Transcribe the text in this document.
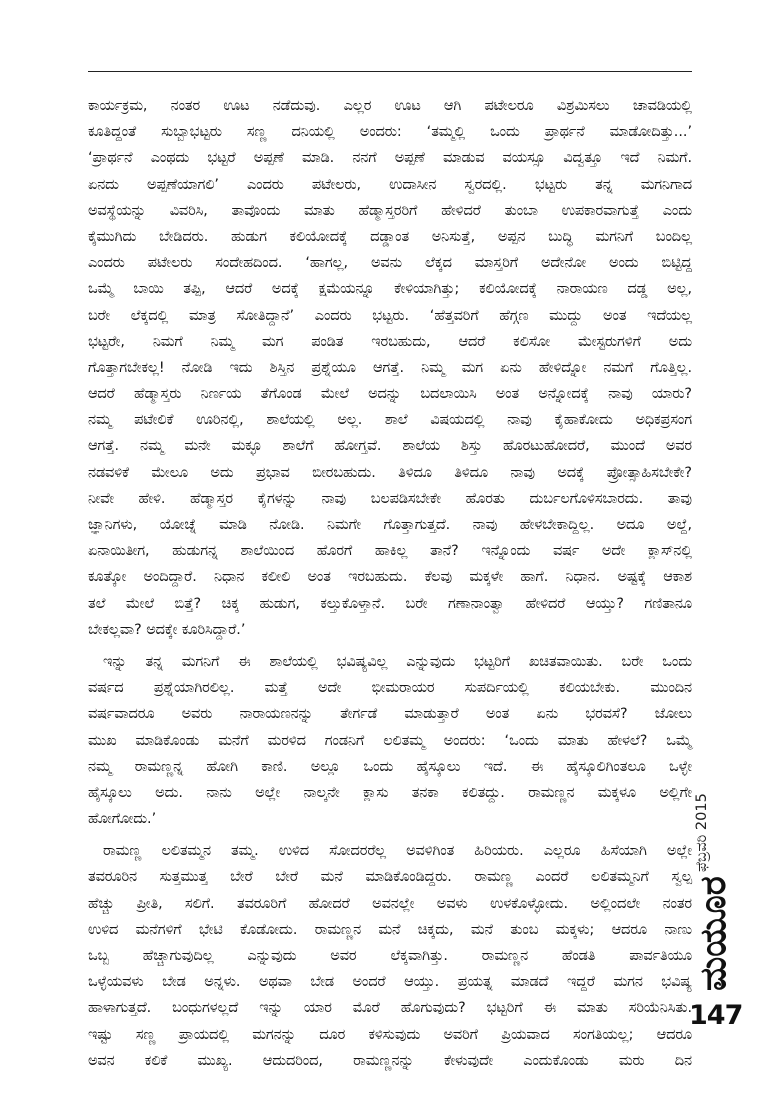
ಕಾರ್ಯಕ್ರಮ, ನಂತರ ಊಟ ನಡೆದುವು. ಎಲ್ಲರ ಊಟ ಆಗಿ ಪಟೇಲರೂ ವಿಶ್ರಮಿಸಲು ಚಾವಡಿಯಲ್ಲಿ
ಕೂತಿದ್ದಂತೆ ಸುಬ್ಬಾಭಟ್ಟರು ಸಣ್ಣ ದನಿಯಲ್ಲಿ ಅಂದರು: ‘ತಮ್ಮಲ್ಲಿ ಒಂದು ಪ್ರಾರ್ಥನೆ ಮಾಡೋದಿತ್ತು...’
‘ಪ್ರಾರ್ಥನೆ ಎಂಥದು ಭಟ್ಟರೆ ಅಪ್ಪಣೆ ಮಾಡಿ. ನನಗೆ ಅಪ್ಪಣೆ ಮಾಡುವ ವಯಸ್ಸೂ ವಿದ್ವತ್ತೂ ಇದೆ ನಿಮಗೆ.
ಏನದು ಅಪ್ಪಣೆಯಾಗಲಿ’ ಎಂದರು ಪಟೇಲರು, ಉದಾಸೀನ ಸ್ವರದಲ್ಲಿ. ಭಟ್ಟರು ತನ್ನ ಮಗನಿಗಾದ
ಅವಸ್ಥೆಯನ್ನು ವಿವರಿಸಿ, ತಾವೊಂದು ಮಾತು ಹೆಡ್ಮಾಸ್ತರರಿಗೆ ಹೇಳಿದರೆ ತುಂಬಾ ಉಪಕಾರವಾಗುತ್ತೆ ಎಂದು
ಕೈಮುಗಿದು ಬೇಡಿದರು. ಹುಡುಗ ಕಲಿಯೋದಕ್ಕೆ ದಡ್ಡಾಂತ ಅನಿಸುತ್ತೆ, ಅಪ್ಪನ ಬುದ್ಧಿ ಮಗನಿಗೆ ಬಂದಿಲ್ಲ
ಎಂದರು ಪಟೇಲರು ಸಂದೇಹದಿಂದ. ‘ಹಾಗಲ್ಲ, ಅವನು ಲೆಕ್ಕದ ಮಾಸ್ತರಿಗೆ ಅದೇನೋ ಅಂದು ಬಿಟ್ಟಿದ್ದ
ಒಮ್ಮೆ ಬಾಯಿ ತಪ್ಪಿ, ಆದರೆ ಅದಕ್ಕೆ ಕ್ಷಮೆಯನ್ನೂ ಕೇಳಿಯಾಗಿತ್ತು; ಕಲಿಯೋದಕ್ಕೆ ನಾರಾಯಣ ದಡ್ಡ ಅಲ್ಲ,
ಬರೇ ಲೆಕ್ಕದಲ್ಲಿ ಮಾತ್ರ ಸೋತಿದ್ದಾನೆ’ ಎಂದರು ಭಟ್ಟರು. ‘ಹೆತ್ತವರಿಗೆ ಹೆಗ್ಗಣ ಮುದ್ದು ಅಂತ ಇದೆಯಲ್ಲ
ಭಟ್ಟರೇ, ನಿಮಗೆ ನಿಮ್ಮ ಮಗ ಪಂಡಿತ ಇರಬಹುದು, ಆದರೆ ಕಲಿಸೋ ಮೇಸ್ಟರುಗಳಿಗೆ ಅದು
ಗೊತ್ತಾಗಬೇಕಲ್ಲ! ನೋಡಿ ಇದು ಶಿಸ್ತಿನ ಪ್ರಶ್ನೆಯೂ ಆಗತ್ತೆ. ನಿಮ್ಮ ಮಗ ಏನು ಹೇಳಿದ್ನೋ ನಮಗೆ ಗೊತ್ತಿಲ್ಲ.
ಆದರೆ ಹೆಡ್ಮಾಸ್ತರು ನಿರ್ಣಯ ತೆಗೊಂಡ ಮೇಲೆ ಅದನ್ನು ಬದಲಾಯಿಸಿ ಅಂತ ಅನ್ನೋದಕ್ಕೆ ನಾವು ಯಾರು?
ನಮ್ಮ ಪಟೇಲಿಕೆ ಊರಿನಲ್ಲಿ, ಶಾಲೆಯಲ್ಲಿ ಅಲ್ಲ. ಶಾಲೆ ವಿಷಯದಲ್ಲಿ ನಾವು ಕೈಹಾಕೋದು ಅಧಿಕಪ್ರಸಂಗ
ಆಗತ್ತೆ. ನಮ್ಮ ಮನೇ ಮಕ್ಳೂ ಶಾಲೆಗೆ ಹೋಗ್ತವೆ. ಶಾಲೆಯ ಶಿಸ್ತು ಹೊರಟುಹೋದರೆ, ಮುಂದೆ ಅವರ
ನಡವಳಿಕೆ ಮೇಲೂ ಅದು ಪ್ರಭಾವ ಬೀರಬಹುದು. ತಿಳಿದೂ ತಿಳಿದೂ ನಾವು ಅದಕ್ಕೆ ಪ್ರೋತ್ಸಾಹಿಸಬೇಕೇ?
ನೀವೇ ಹೇಳಿ. ಹೆಡ್ಮಾಸ್ತರ ಕೈಗಳನ್ನು ನಾವು ಬಲಪಡಿಸಬೇಕೇ ಹೊರತು ದುರ್ಬಲಗೊಳಿಸಬಾರದು. ತಾವು
ಜ್ಞಾನಿಗಳು, ಯೋಚ್ನೆ ಮಾಡಿ ನೋಡಿ. ನಿಮಗೇ ಗೊತ್ತಾಗುತ್ತದೆ. ನಾವು ಹೇಳಬೇಕಾದ್ದಿಲ್ಲ. ಅದೂ ಅಲ್ದೆ,
ಏನಾಯಿತೀಗ, ಹುಡುಗನ್ನ ಶಾಲೆಯಿಂದ ಹೊರಗೆ ಹಾಕಿಲ್ಲ ತಾನೆ? ಇನ್ನೊಂದು ವರ್ಷ ಅದೇ ಕ್ಲಾಸ್‌ನಲ್ಲಿ
ಕೂತ್ಕೋ ಅಂದಿದ್ದಾರೆ. ನಿಧಾನ ಕಲೀಲಿ ಅಂತ ಇರಬಹುದು. ಕೆಲವು ಮಕ್ಕಳೇ ಹಾಗೆ. ನಿಧಾನ. ಅಷ್ಟಕ್ಕೆ ಆಕಾಶ
ತಲೆ ಮೇಲೆ ಬಿತ್ತೆ? ಚಿಕ್ಕ ಹುಡುಗ, ಕಲ್ತುಕೊಳ್ತಾನೆ. ಬರೇ ಗಣಾನಾಂತ್ವಾ ಹೇಳಿದರೆ ಆಯ್ತು? ಗಣಿತಾನೂ
ಬೇಕಲ್ಲವಾ? ಅದಕ್ಕೇ ಕೂರಿಸಿದ್ದಾರೆ.’
ಇನ್ನು ತನ್ನ ಮಗನಿಗೆ ಈ ಶಾಲೆಯಲ್ಲಿ ಭವಿಷ್ಯವಿಲ್ಲ ಎನ್ನುವುದು ಭಟ್ಟರಿಗೆ ಖಚಿತವಾಯಿತು. ಬರೇ ಒಂದು
ವರ್ಷದ ಪ್ರಶ್ನೆಯಾಗಿರಲಿಲ್ಲ. ಮತ್ತೆ ಅದೇ ಭೀಮರಾಯರ ಸುಪರ್ದಿಯಲ್ಲಿ ಕಲಿಯಬೇಕು. ಮುಂದಿನ
ವರ್ಷವಾದರೂ ಅವರು ನಾರಾಯಣನನ್ನು ತೇರ್ಗಡೆ ಮಾಡುತ್ತಾರೆ ಅಂತ ಏನು ಭರವಸೆ? ಜೋಲು
ಮುಖ ಮಾಡಿಕೊಂಡು ಮನೆಗೆ ಮರಳಿದ ಗಂಡನಿಗೆ ಲಲಿತಮ್ಮ ಅಂದರು: ‘ಒಂದು ಮಾತು ಹೇಳಲೆ? ಒಮ್ಮೆ
ನಮ್ಮ ರಾಮಣ್ಣನ್ನ ಹೋಗಿ ಕಾಣಿ. ಅಲ್ಲೂ ಒಂದು ಹೈಸ್ಕೂಲು ಇದೆ. ಈ ಹೈಸ್ಕೂಲಿಗಿಂತಲೂ ಒಳ್ಳೇ
ಹೈಸ್ಕೂಲು ಅದು. ನಾನು ಅಲ್ಲೇ ನಾಲ್ಕನೇ ಕ್ಲಾಸು ತನಕಾ ಕಲಿತದ್ದು. ರಾಮಣ್ಣನ ಮಕ್ಕಳೂ ಅಲ್ಲಿಗೇ
ಹೋಗೋದು.’
ರಾಮಣ್ಣ ಲಲಿತಮ್ಮನ ತಮ್ಮ. ಉಳಿದ ಸೋದರರೆಲ್ಲ ಅವಳಿಗಿಂತ ಹಿರಿಯರು. ಎಲ್ಲರೂ ಹಿಸೆಯಾಗಿ ಅಲ್ಲೇ
ತವರೂರಿನ ಸುತ್ತಮುತ್ತ ಬೇರೆ ಬೇರೆ ಮನೆ ಮಾಡಿಕೊಂಡಿದ್ದರು. ರಾಮಣ್ಣ ಎಂದರೆ ಲಲಿತಮ್ಮನಿಗೆ ಸ್ವಲ್ಪ
ಹೆಚ್ಚು ಪ್ರೀತಿ, ಸಲಿಗೆ. ತವರೂರಿಗೆ ಹೋದರೆ ಅವನಲ್ಲೇ ಅವಳು ಉಳಕೊಳ್ಳೋದು. ಅಲ್ಲಿಂದಲೇ ನಂತರ
ಉಳಿದ ಮನೆಗಳಿಗೆ ಭೇಟಿ ಕೊಡೋದು. ರಾಮಣ್ಣನ ಮನೆ ಚಿಕ್ಕದು, ಮನೆ ತುಂಬ ಮಕ್ಕಳು; ಆದರೂ ನಾಣು
ಒಬ್ಬ ಹೆಚ್ಚಾಗುವುದಿಲ್ಲ ಎನ್ನುವುದು ಅವರ ಲೆಕ್ಕವಾಗಿತ್ತು. ರಾಮಣ್ಣನ ಹೆಂಡತಿ ಪಾರ್ವತಿಯೂ
ಒಳ್ಳೆಯವಳು ಬೇಡ ಅನ್ನಳು. ಅಥವಾ ಬೇಡ ಅಂದರೆ ಆಯ್ತು. ಪ್ರಯತ್ನ ಮಾಡದೆ ಇದ್ದರೆ ಮಗನ ಭವಿಷ್ಯ
ಹಾಳಾಗುತ್ತದೆ. ಬಂಧುಗಳಲ್ಲದೆ ಇನ್ನು ಯಾರ ಮೊರೆ ಹೊಗುವುದು? ಭಟ್ಟರಿಗೆ ಈ ಮಾತು ಸರಿಯೆನಿಸಿತು.
ಇಷ್ಟು ಸಣ್ಣ ಪ್ರಾಯದಲ್ಲಿ ಮಗನನ್ನು ದೂರ ಕಳಿಸುವುದು ಅವರಿಗೆ ಪ್ರಿಯವಾದ ಸಂಗತಿಯಲ್ಲ; ಆದರೂ
ಅವನ ಕಲಿಕೆ ಮುಖ್ಯ. ಆದುದರಿಂದ, ರಾಮಣ್ಣನನ್ನು ಕೇಳುವುದೇ ಎಂದುಕೊಂಡು ಮರು ದಿನ
ಫೆಬ್ರವರಿ 2015
ಮಯೂರ
147
